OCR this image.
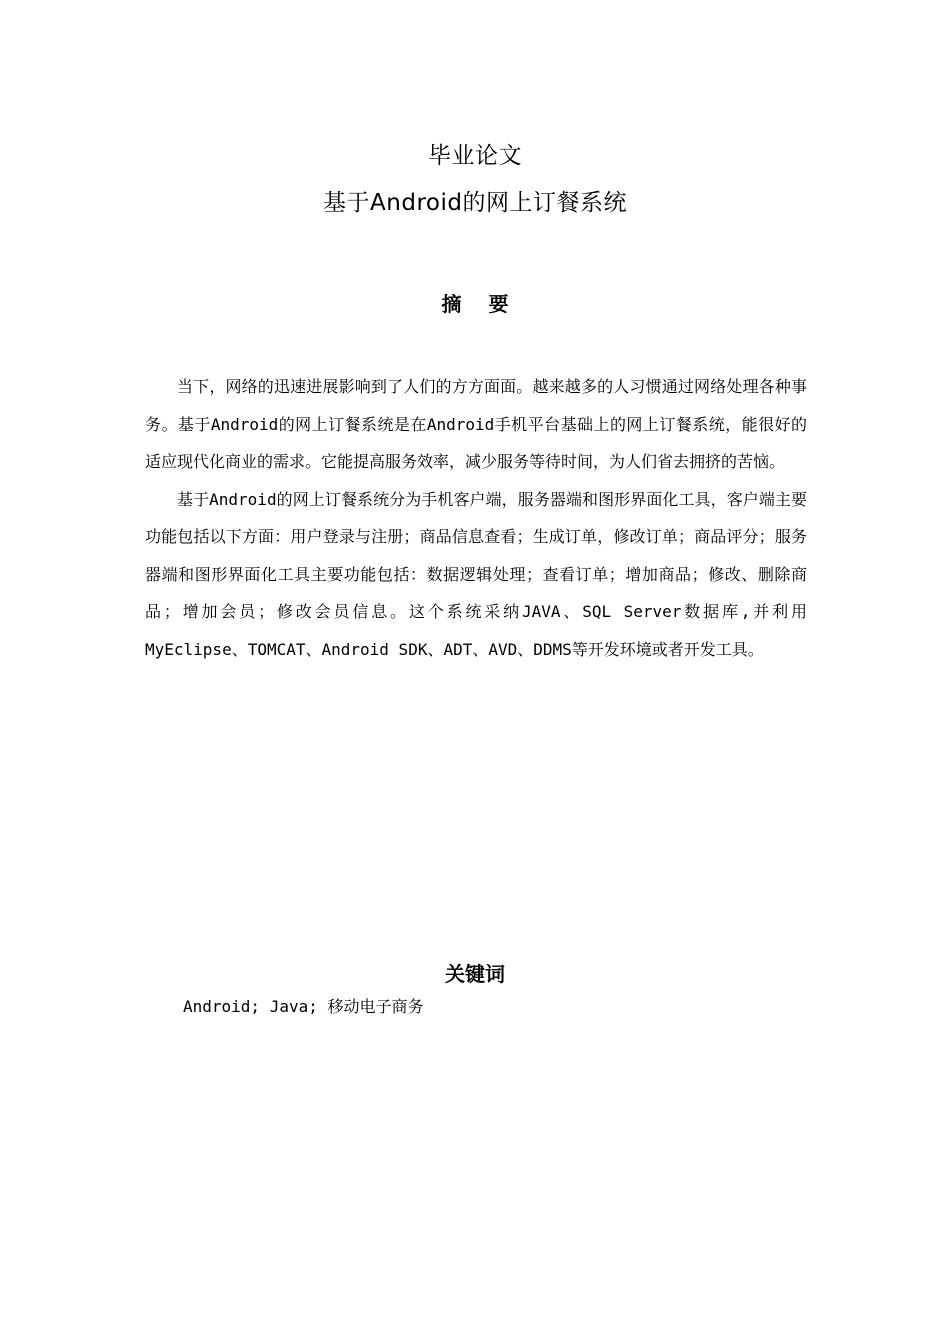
毕业论文
基于Android的网上订餐系统
摘 要

当下，网络的迅速进展影响到了人们的方方面面。越来越多的人习惯通过网络处理各种事务。基于Android的网上订餐系统是在Android手机平台基础上的网上订餐系统，能很好的适应现代化商业的需求。它能提高服务效率，减少服务等待时间，为人们省去拥挤的苦恼。

基于Android的网上订餐系统分为手机客户端，服务器端和图形界面化工具，客户端主要功能包括以下方面：用户登录与注册；商品信息查看；生成订单，修改订单；商品评分；服务器端和图形界面化工具主要功能包括：数据逻辑处理；查看订单；增加商品；修改、删除商品；增加会员；修改会员信息。这个系统采纳JAVA、SQL Server数据库,并利用MyEclipse、TOMCAT、Android SDK、ADT、AVD、DDMS等开发环境或者开发工具。

关键词

Android; Java; 移动电子商务
